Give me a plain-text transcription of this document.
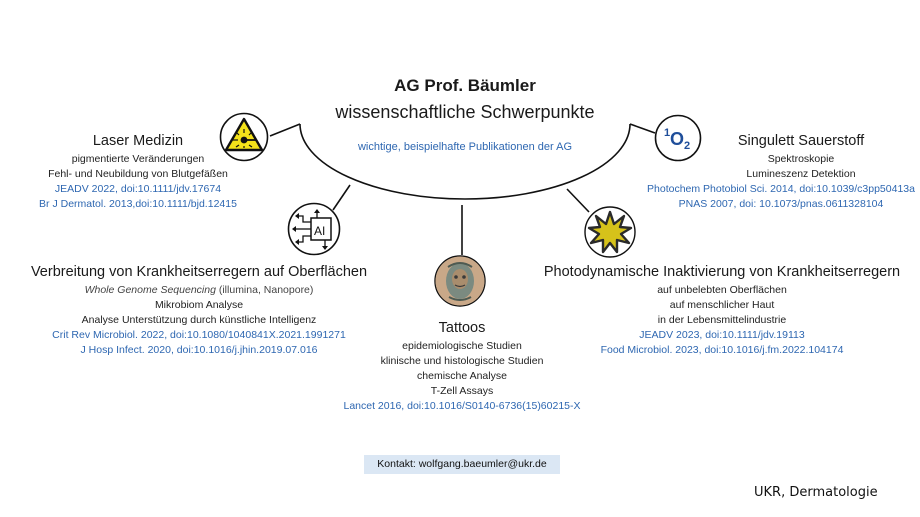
AG Prof. Bäumler
wissenschaftliche Schwerpunkte
wichtige, beispielhafte Publikationen der AG
Laser Medizin
pigmentierte Veränderungen
Fehl- und Neubildung von Blutgefäßen
JEADV 2022, doi:10.1111/jdv.17674
Br J Dermatol. 2013,doi:10.1111/bjd.12415
1 O 2	Singulett Sauerstoff
Spektroskopie
Lumineszenz Detektion
Photochem Photobiol Sci. 2014, doi:10.1039/c3pp50413a
PNAS 2007, doi: 10.1073/pnas.0611328104
AI
Verbreitung von Krankheitserregern auf Oberflächen
Whole Genome Sequencing (illumina, Nanopore)
Mikrobiom Analyse
Analyse Unterstützung durch künstliche Intelligenz
Crit Rev Microbiol. 2022, doi:10.1080/1040841X.2021.1991271
J Hosp Infect. 2020, doi:10.1016/j.jhin.2019.07.016
Tattoos
epidemiologische Studien
klinische und histologische Studien
chemische Analyse
T-Zell Assays
Lancet 2016, doi:10.1016/S0140-6736(15)60215-X
Photodynamische Inaktivierung von Krankheitserregern
auf unbelebten Oberflächen
auf menschlicher Haut
in der Lebensmittelindustrie
JEADV 2023, doi:10.1111/jdv.19113
Food Microbiol. 2023, doi:10.1016/j.fm.2022.104174
Kontakt: wolfgang.baeumler@ukr.de
UKR, Dermatologie
